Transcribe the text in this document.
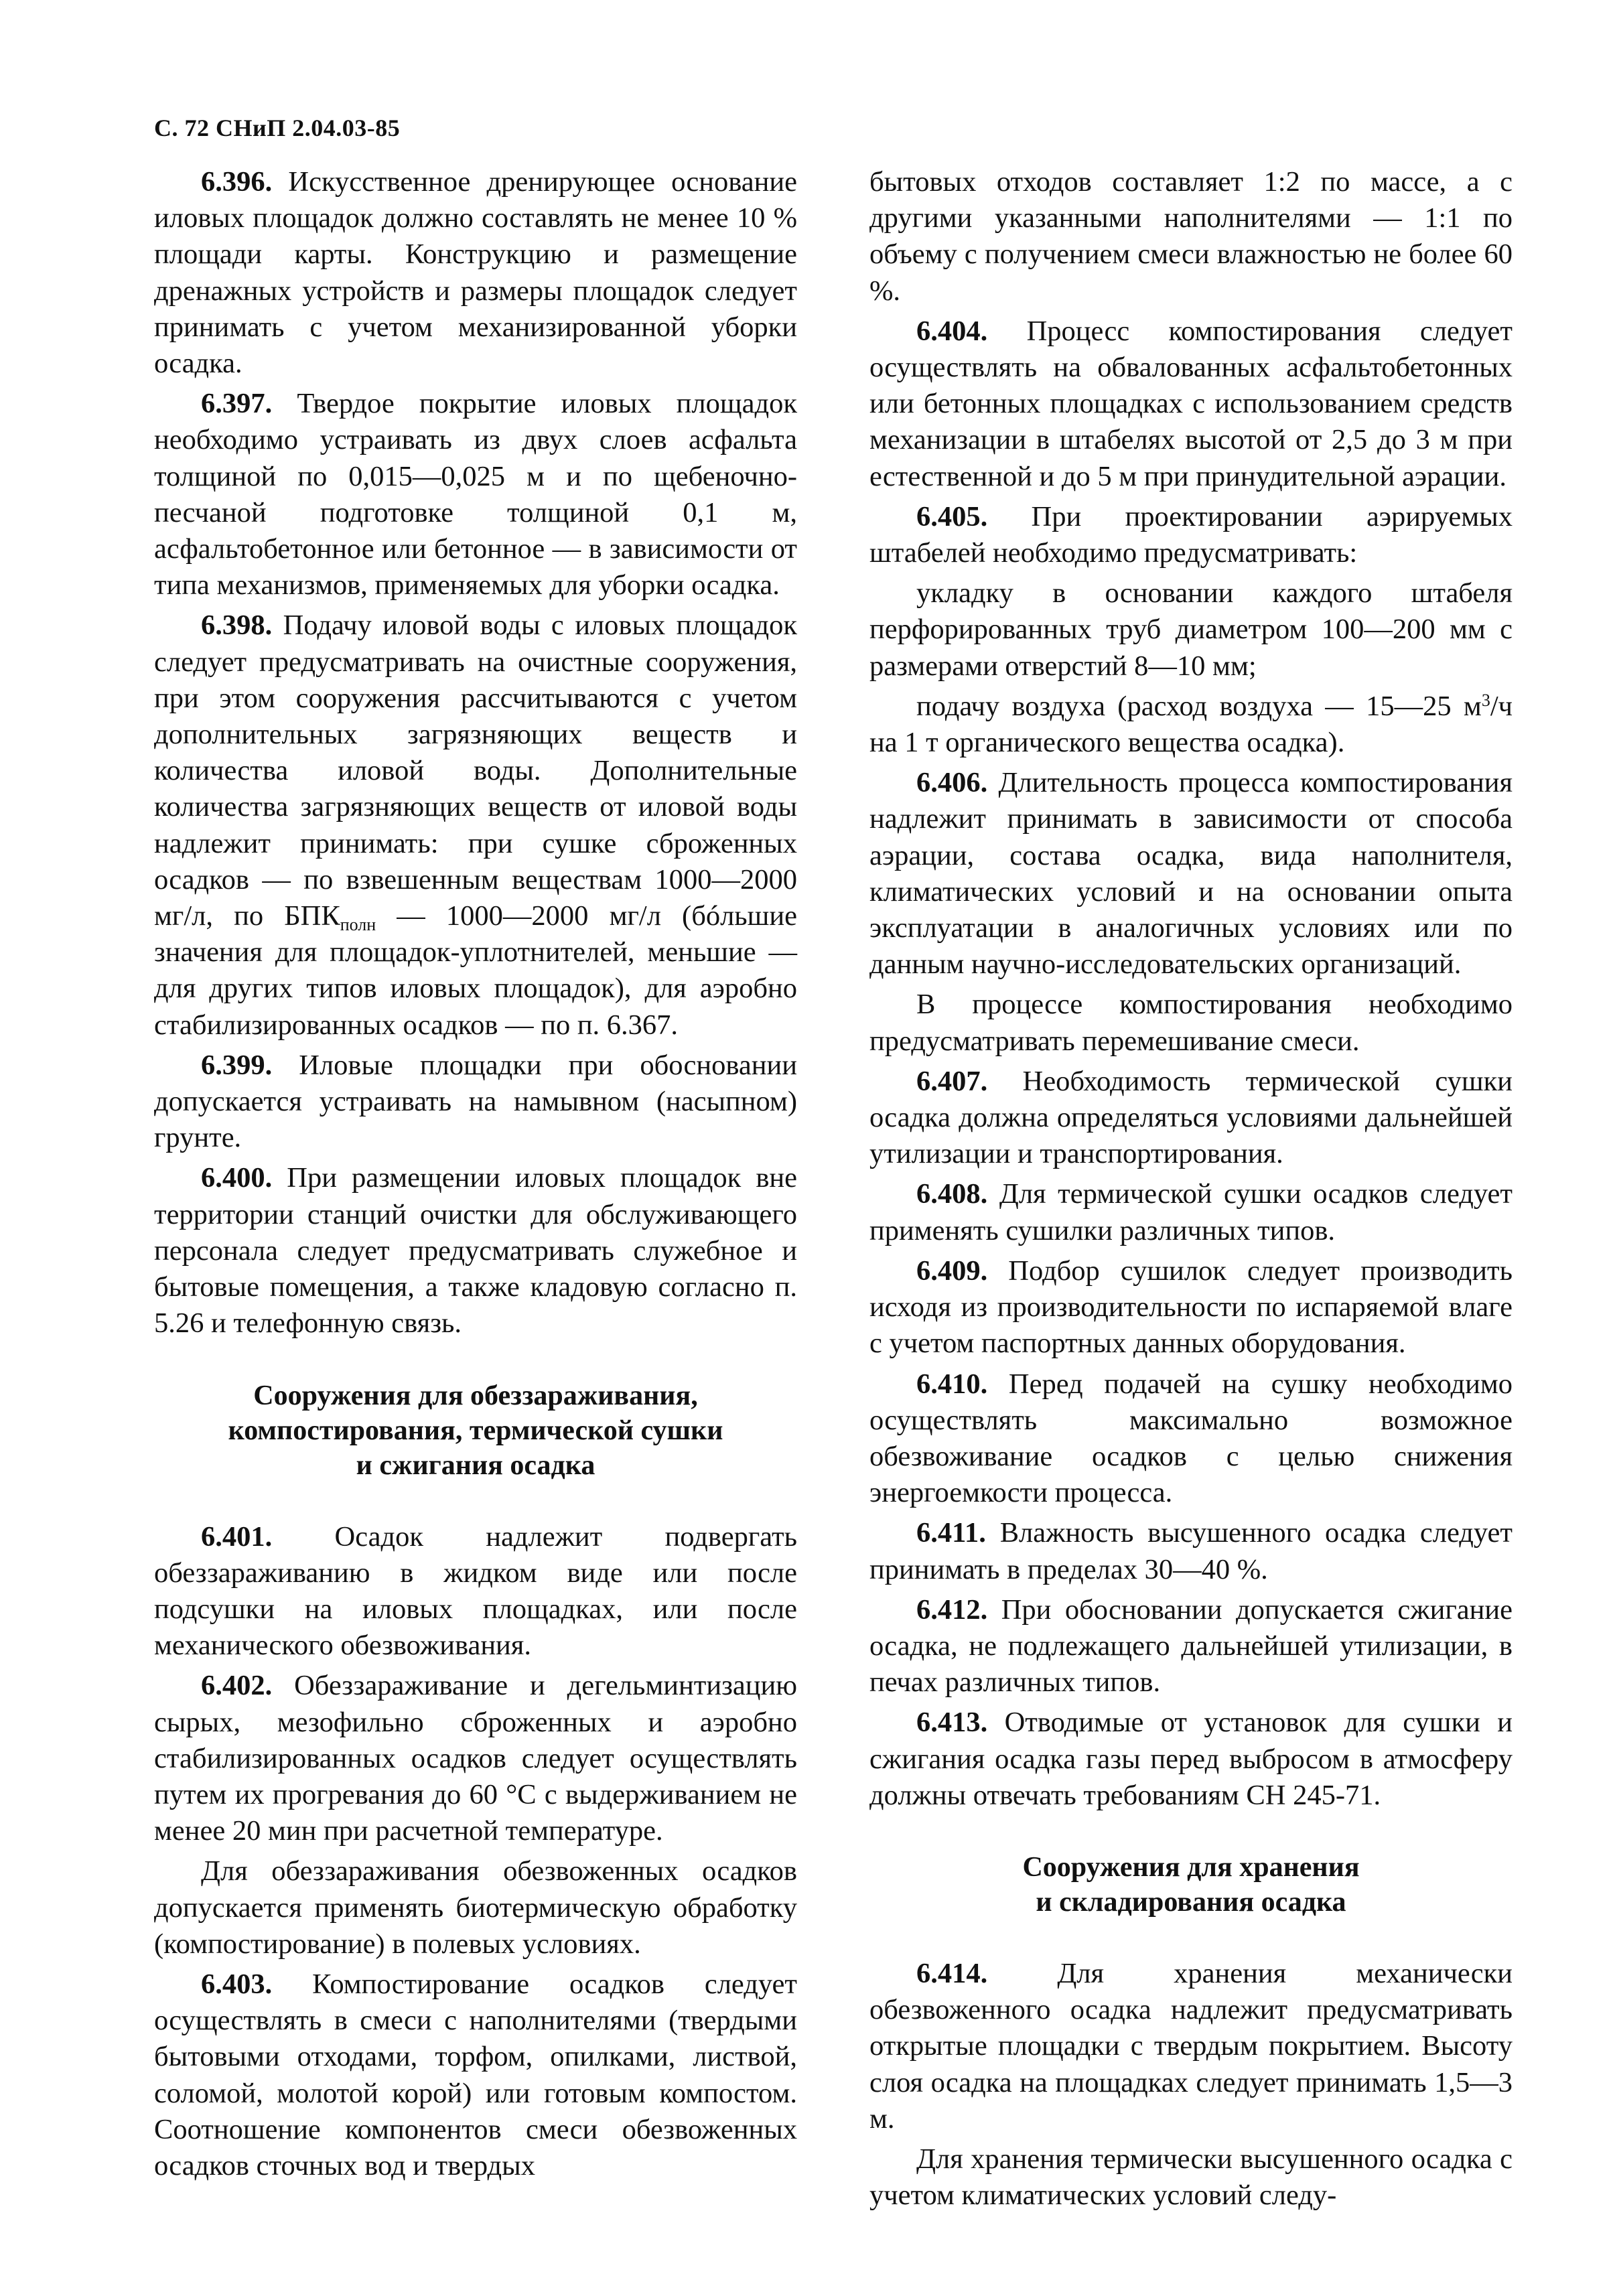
С. 72 СНиП 2.04.03-85

6.396. Искусственное дренирующее основание иловых площадок должно составлять не менее 10 % площади карты. Конструкцию и размещение дренажных устройств и размеры площадок следует принимать с учетом механизированной уборки осадка.

6.397. Твердое покрытие иловых площадок необходимо устраивать из двух слоев асфальта толщиной по 0,015—0,025 м и по щебеночно-песчаной подготовке толщиной 0,1 м, асфальтобетонное или бетонное — в зависимости от типа механизмов, применяемых для уборки осадка.

6.398. Подачу иловой воды с иловых площадок следует предусматривать на очистные сооружения, при этом сооружения рассчитываются с учетом дополнительных загрязняющих веществ и количества иловой воды. Дополнительные количества загрязняющих веществ от иловой воды надлежит принимать: при сушке сброженных осадков — по взвешенным веществам 1000—2000 мг/л, по $БПК_{полн}$ — 1000—2000 мг/л (бóльшие значения для площадок-уплотнителей, меньшие — для других типов иловых площадок), для аэробно стабилизированных осадков — по п. 6.367.

6.399. Иловые площадки при обосновании допускается устраивать на намывном (насыпном) грунте.

6.400. При размещении иловых площадок вне территории станций очистки для обслуживающего персонала следует предусматривать служебное и бытовые помещения, а также кладовую согласно п. 5.26 и телефонную связь.

Сооружения для обеззараживания,
компостирования, термической сушки
и сжигания осадка

6.401. Осадок надлежит подвергать обеззараживанию в жидком виде или после подсушки на иловых площадках, или после механического обезвоживания.

6.402. Обеззараживание и дегельминтизацию сырых, мезофильно сброженных и аэробно стабилизированных осадков следует осуществлять путем их прогревания до 60 °С с выдерживанием не менее 20 мин при расчетной температуре.

Для обеззараживания обезвоженных осадков допускается применять биотермическую обработку (компостирование) в полевых условиях.

6.403. Компостирование осадков следует осуществлять в смеси с наполнителями (твердыми бытовыми отходами, торфом, опилками, листвой, соломой, молотой корой) или готовым компостом. Соотношение компонентов смеси обезвоженных осадков сточных вод и твердых

бытовых отходов составляет 1:2 по массе, а с другими указанными наполнителями — 1:1 по объему с получением смеси влажностью не более 60 %.

6.404. Процесс компостирования следует осуществлять на обвалованных асфальтобетонных или бетонных площадках с использованием средств механизации в штабелях высотой от 2,5 до 3 м при естественной и до 5 м при принудительной аэрации.

6.405. При проектировании аэрируемых штабелей необходимо предусматривать:

укладку в основании каждого штабеля перфорированных труб диаметром 100—200 мм с размерами отверстий 8—10 мм;

подачу воздуха (расход воздуха — 15—25 $м^3/ч$ на 1 т органического вещества осадка).

6.406. Длительность процесса компостирования надлежит принимать в зависимости от способа аэрации, состава осадка, вида наполнителя, климатических условий и на основании опыта эксплуатации в аналогичных условиях или по данным научно-исследовательских организаций.

В процессе компостирования необходимо предусматривать перемешивание смеси.

6.407. Необходимость термической сушки осадка должна определяться условиями дальнейшей утилизации и транспортирования.

6.408. Для термической сушки осадков следует применять сушилки различных типов.

6.409. Подбор сушилок следует производить исходя из производительности по испаряемой влаге с учетом паспортных данных оборудования.

6.410. Перед подачей на сушку необходимо осуществлять максимально возможное обезвоживание осадков с целью снижения энергоемкости процесса.

6.411. Влажность высушенного осадка следует принимать в пределах 30—40 %.

6.412. При обосновании допускается сжигание осадка, не подлежащего дальнейшей утилизации, в печах различных типов.

6.413. Отводимые от установок для сушки и сжигания осадка газы перед выбросом в атмосферу должны отвечать требованиям СН 245-71.

Сооружения для хранения
и складирования осадка

6.414. Для хранения механически обезвоженного осадка надлежит предусматривать открытые площадки с твердым покрытием. Высоту слоя осадка на площадках следует принимать 1,5—3 м.

Для хранения термически высушенного осадка с учетом климатических условий следу-
